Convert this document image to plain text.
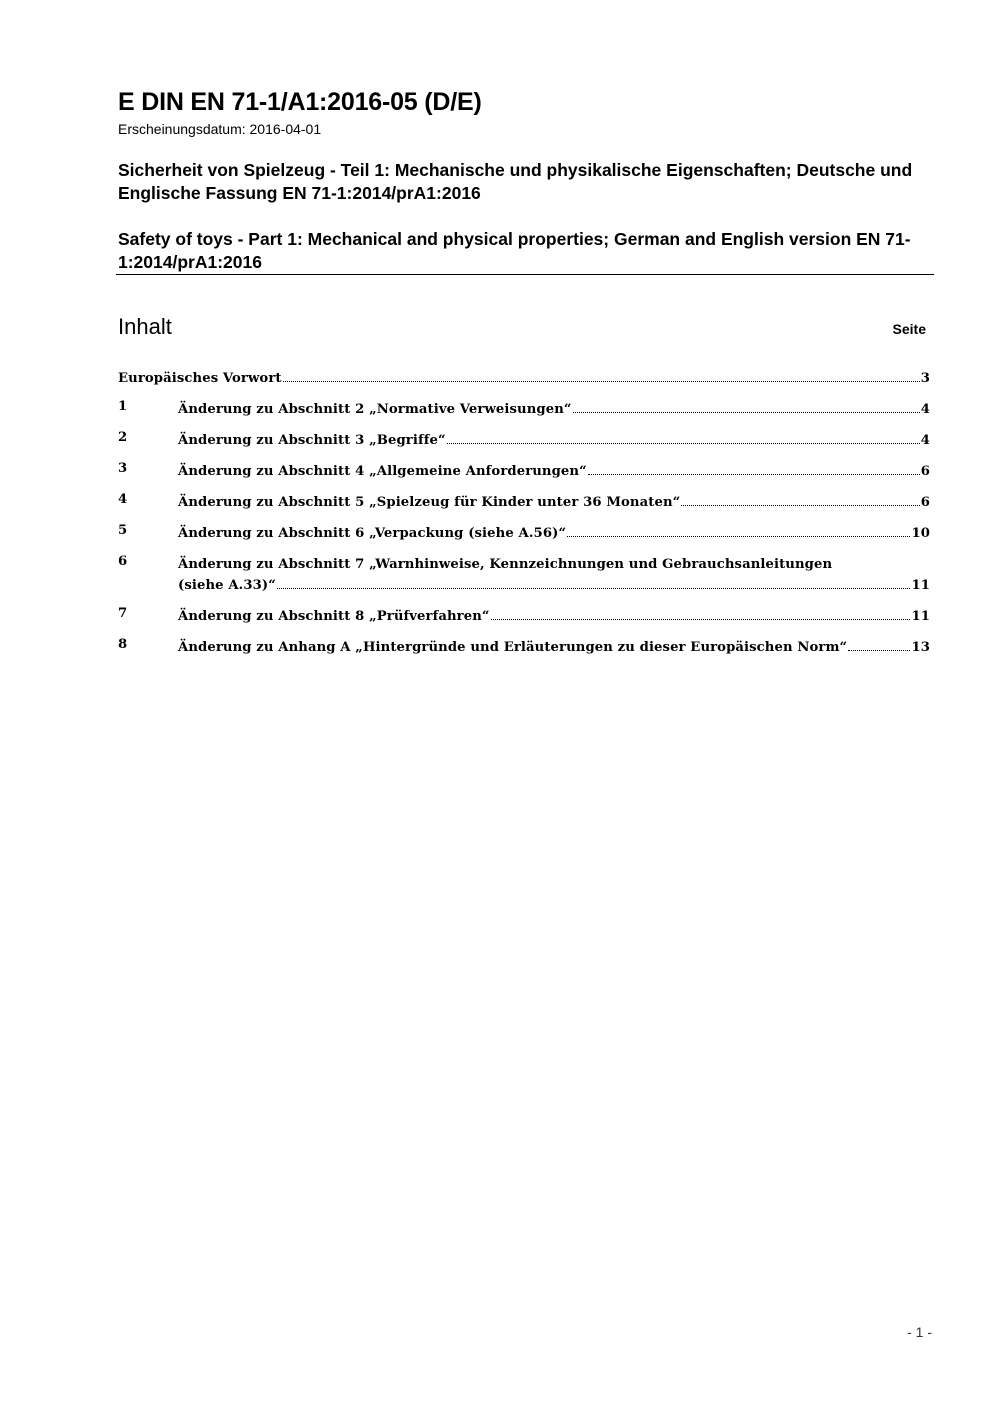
E DIN EN 71-1/A1:2016-05 (D/E)
Erscheinungsdatum: 2016-04-01
Sicherheit von Spielzeug - Teil 1: Mechanische und physikalische Eigenschaften; Deutsche und Englische Fassung EN 71-1:2014/prA1:2016
Safety of toys - Part 1: Mechanical and physical properties; German and English version EN 71-1:2014/prA1:2016
Inhalt	Seite
Europäisches Vorwort	3
1	Änderung zu Abschnitt 2 „Normative Verweisungen“	4
2	Änderung zu Abschnitt 3 „Begriffe“	4
3	Änderung zu Abschnitt 4 „Allgemeine Anforderungen“	6
4	Änderung zu Abschnitt 5 „Spielzeug für Kinder unter 36 Monaten“	6
5	Änderung zu Abschnitt 6 „Verpackung (siehe A.56)“	10
6	Änderung zu Abschnitt 7 „Warnhinweise, Kennzeichnungen und Gebrauchsanleitungen
(siehe A.33)“	11
7	Änderung zu Abschnitt 8 „Prüfverfahren“	11
8	Änderung zu Anhang A „Hintergründe und Erläuterungen zu dieser Europäischen Norm“	13
- 1 -
